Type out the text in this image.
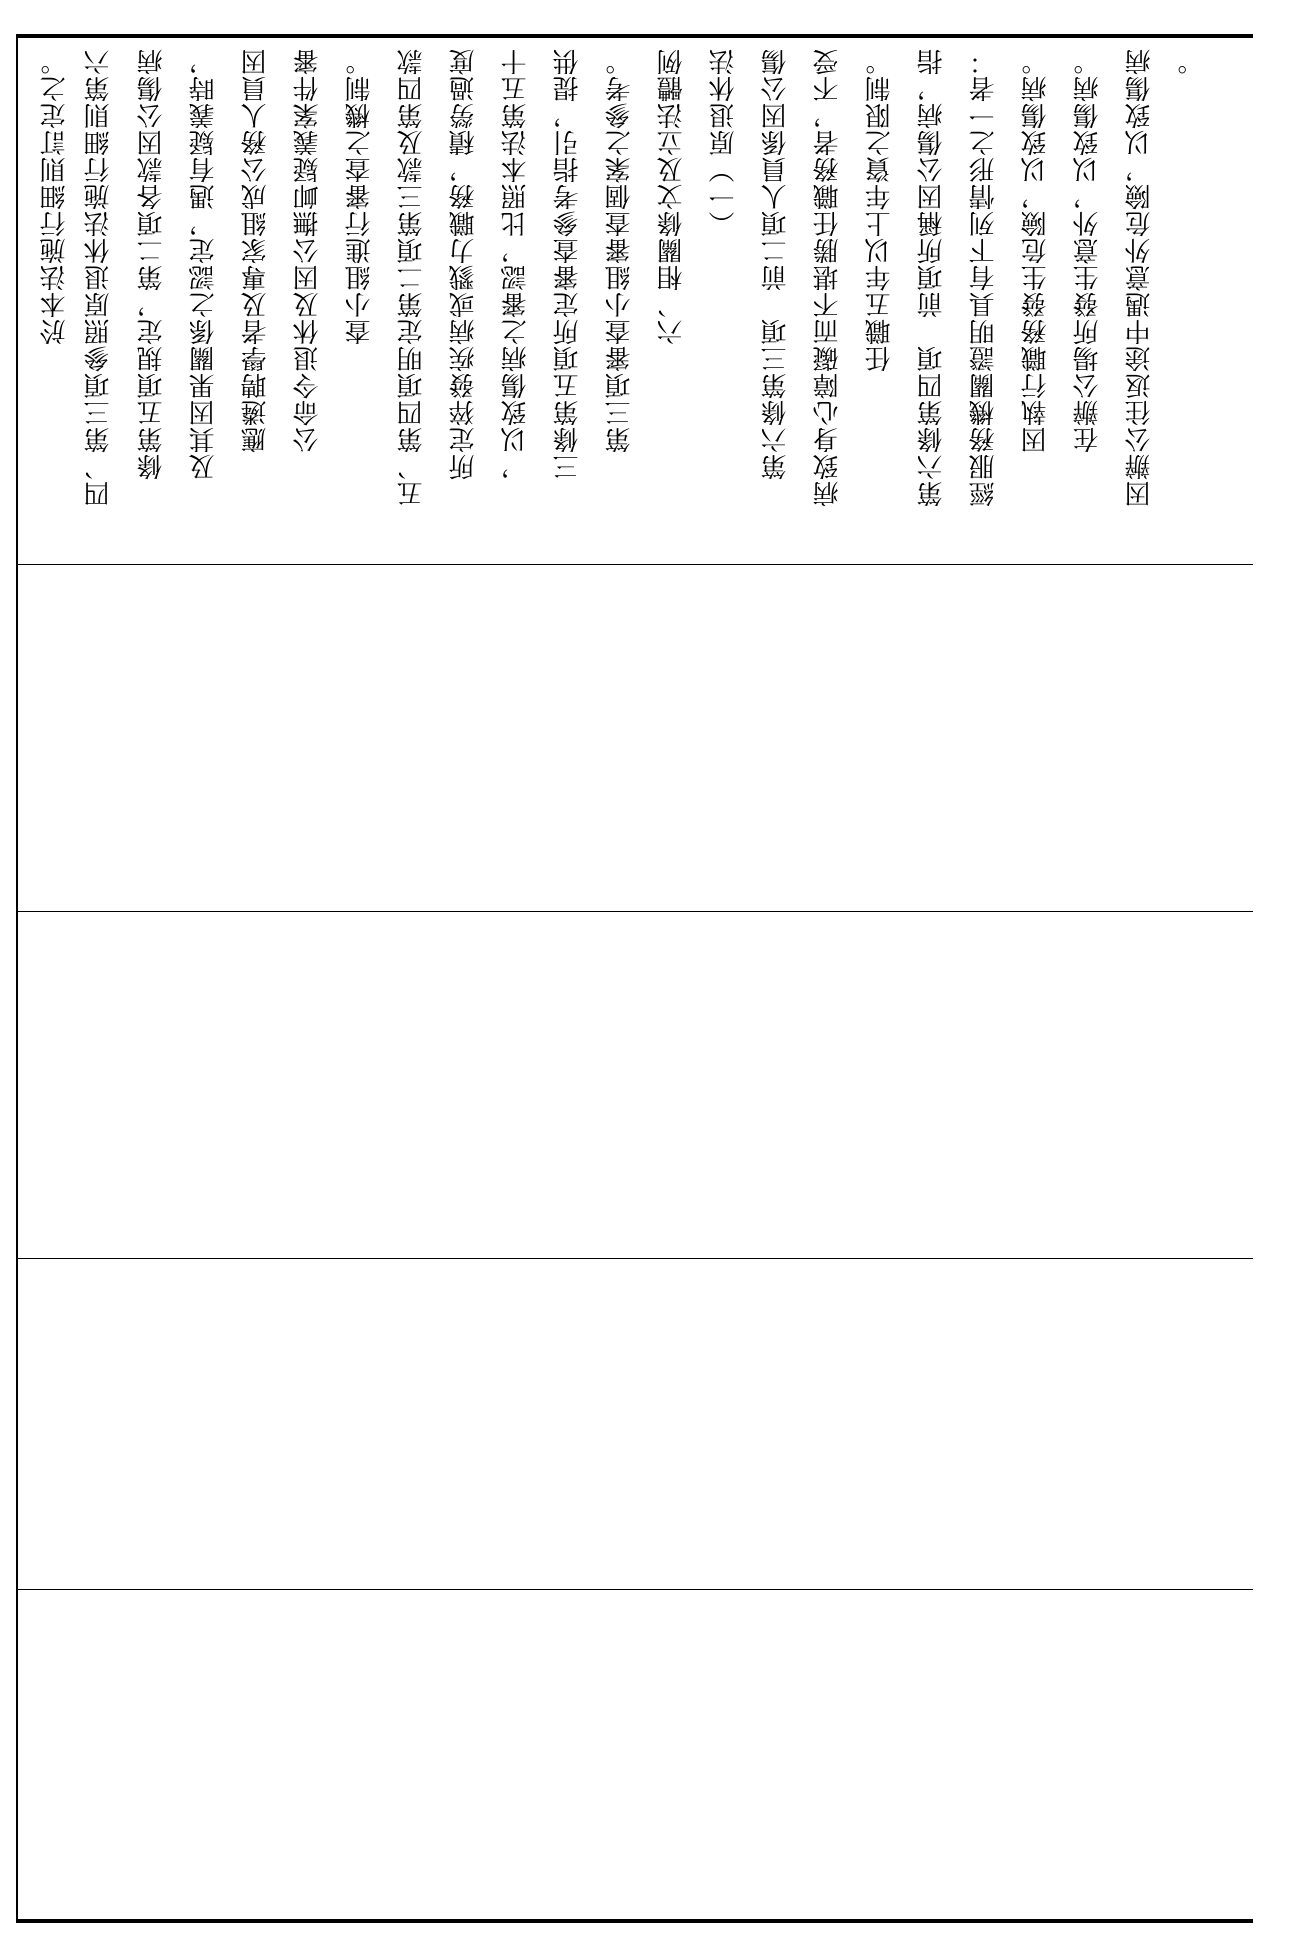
於本法施行細則訂定之。 四、第三項參照原退休法施行細則第六 條第五項規定，第二項各款因公傷病 及其因果關係之認定，遇有疑義時， 應遴聘學者及專家組成公務人員因 公命令退休及因公撫卹疑義案件審 查小組進行審查之機制。 五、第四項明定第二項第三款及第四款 所定猝發疾病或戮力職務，積勞過度 ，以致傷病之審認，比照本法第五十 三條第五項所定審查參考指引，提供 第三項審查小組審查個案之參考。 六、相關條文及立法體例 （一）原退休法 第六條第三項　前二項人員係因公傷 病致身心障礙而不堪勝任職務者，不受 任職五年以上年資之限制。 第六條第四項　前項所稱因公傷病，指 經服務機關證明具有下列情形之一者： 因執行職務發生危險，以致傷病。 在辦公場所發生意外，以致傷病。 因辦公往返途中遇意外危險，以致傷病 。
